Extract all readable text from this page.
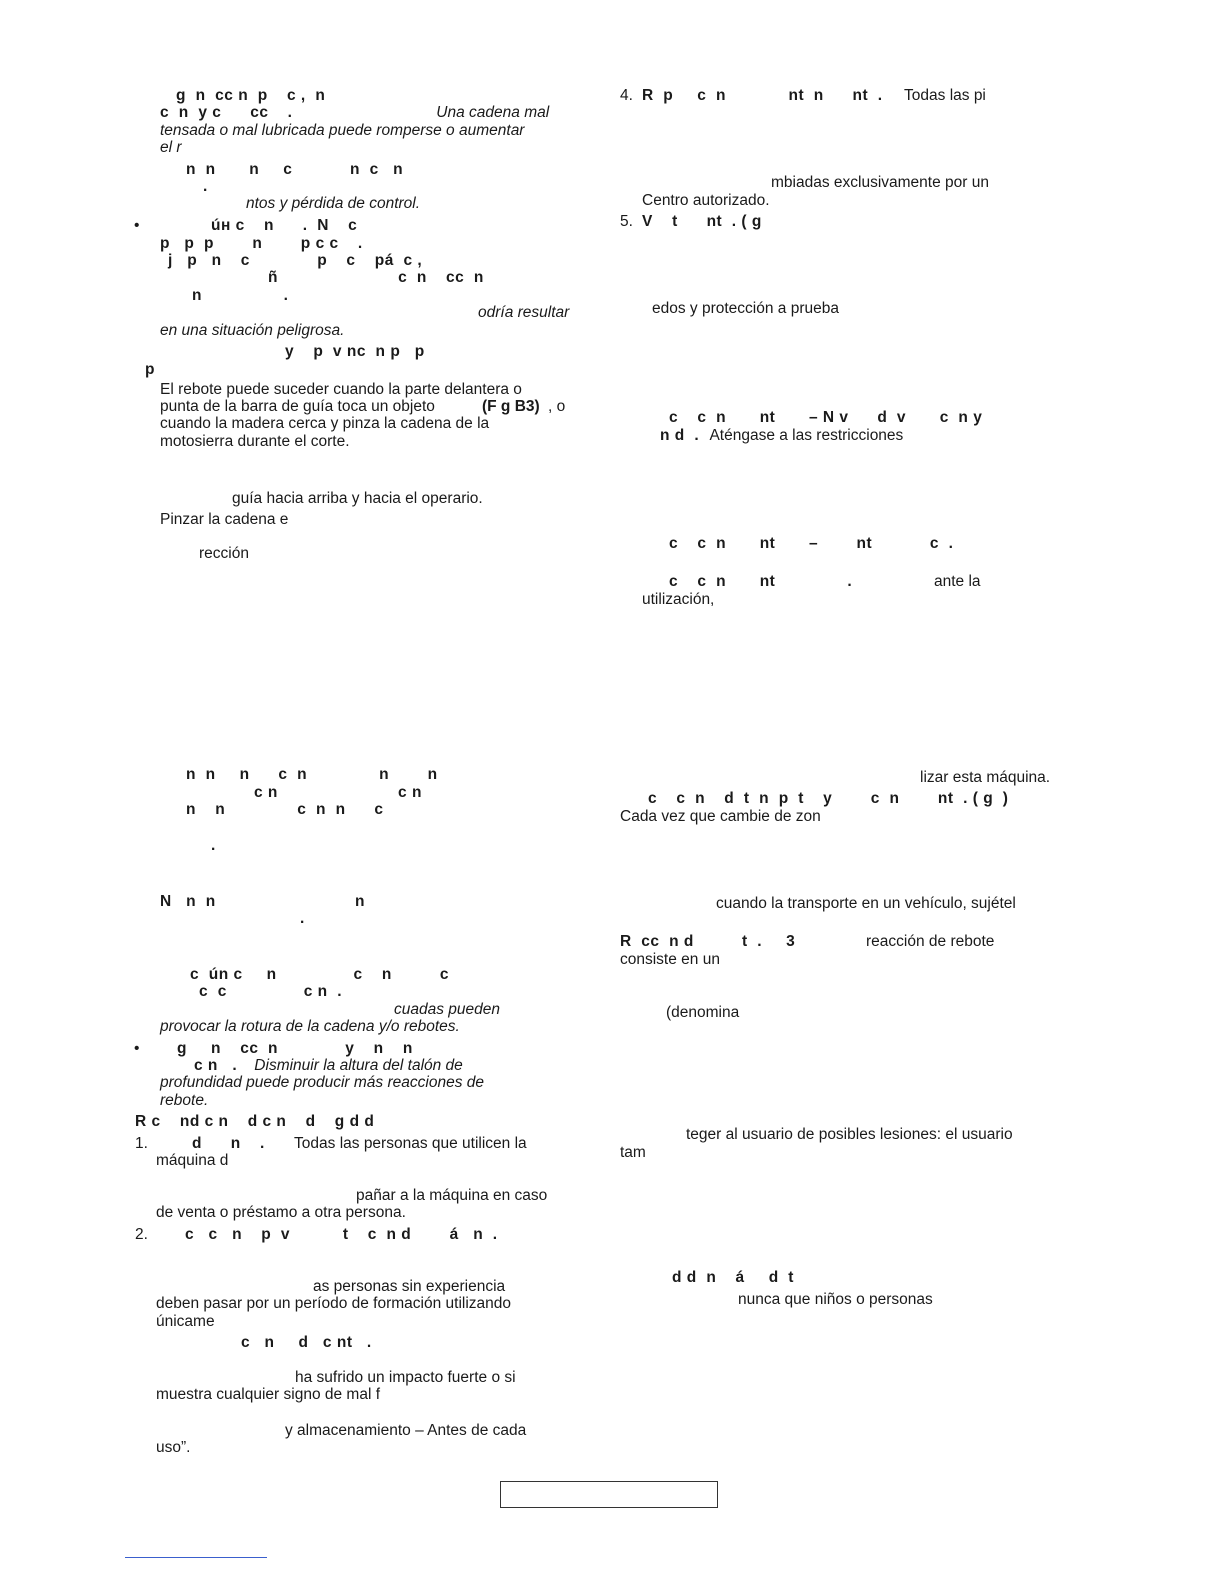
g  n  cc n  p    c ,  n
c  n  y c      cc    .	Una cadena mal
tensada o mal lubricada puede romperse o aumentar
el r
n  n       n     c            n  c   n
.
ntos y pérdida de control.
•	úн c    n      .  N    c
p   p  p        n        p c c    .
j   p   n    c              p    c    pá  c ,
ñ                         c  n    cc  n
n                 .
odría resultar
en una situación peligrosa.
y    p  v nc  n p   p
p
El rebote puede suceder cuando la parte delantera o
punta de la barra de guía toca un objeto	(F g B3) , o
cuando la madera cerca y pinza la cadena de la
motosierra durante el corte.
guía hacia arriba y hacia el operario.
Pinzar la cadena e
rección
n  n     n      c  n               n        n
c n                         c n
n    n               c  n  n      c
.
N   n  n                             n
.
c  ún c     n                c    n          c
c  c                c n  .
cuadas pueden
provocar la rotura de la cadena y/o rebotes.
• g     n    cc  n              y    n    n
c n   . Disminuir la altura del talón de
profundidad puede producir más reacciones de
rebote.
R c    nd c n    d c n    d    g d d
1.	d      n    . Todas las personas que utilicen la
máquina d
pañar a la máquina en caso
de venta o préstamo a otra persona.
2. c   c   n    p  v           t    c  n d        á   n  .
as personas sin experiencia
deben pasar por un período de formación utilizando
únicame
c   n     d   c nt   .
ha sufrido un impacto fuerte o si
muestra cualquier signo de mal f
y almacenamiento – Antes de cada
uso”.
4. R  p     c  n             nt  n      nt  . Todas las pi
mbiadas exclusivamente por un
Centro autorizado.
5. V    t      nt  . ( g
edos y protección a prueba
c    c  n       nt       – N v      d  v       c  n y
n d  . Aténgase a las restricciones
c    c  n       nt       –        nt            c  .
c    c  n       nt               .	ante la
utilización,
lizar esta máquina.
c    c  n    d  t  n  p  t    y        c  n        nt  . ( g  )
Cada vez que cambie de zon
cuando la transporte en un vehículo, sujétel
R  cc  n d          t  .     3	reacción de rebote
consiste en un
(denomina
teger al usuario de posibles lesiones: el usuario
tam
d d  n    á     d  t
nunca que niños o personas
